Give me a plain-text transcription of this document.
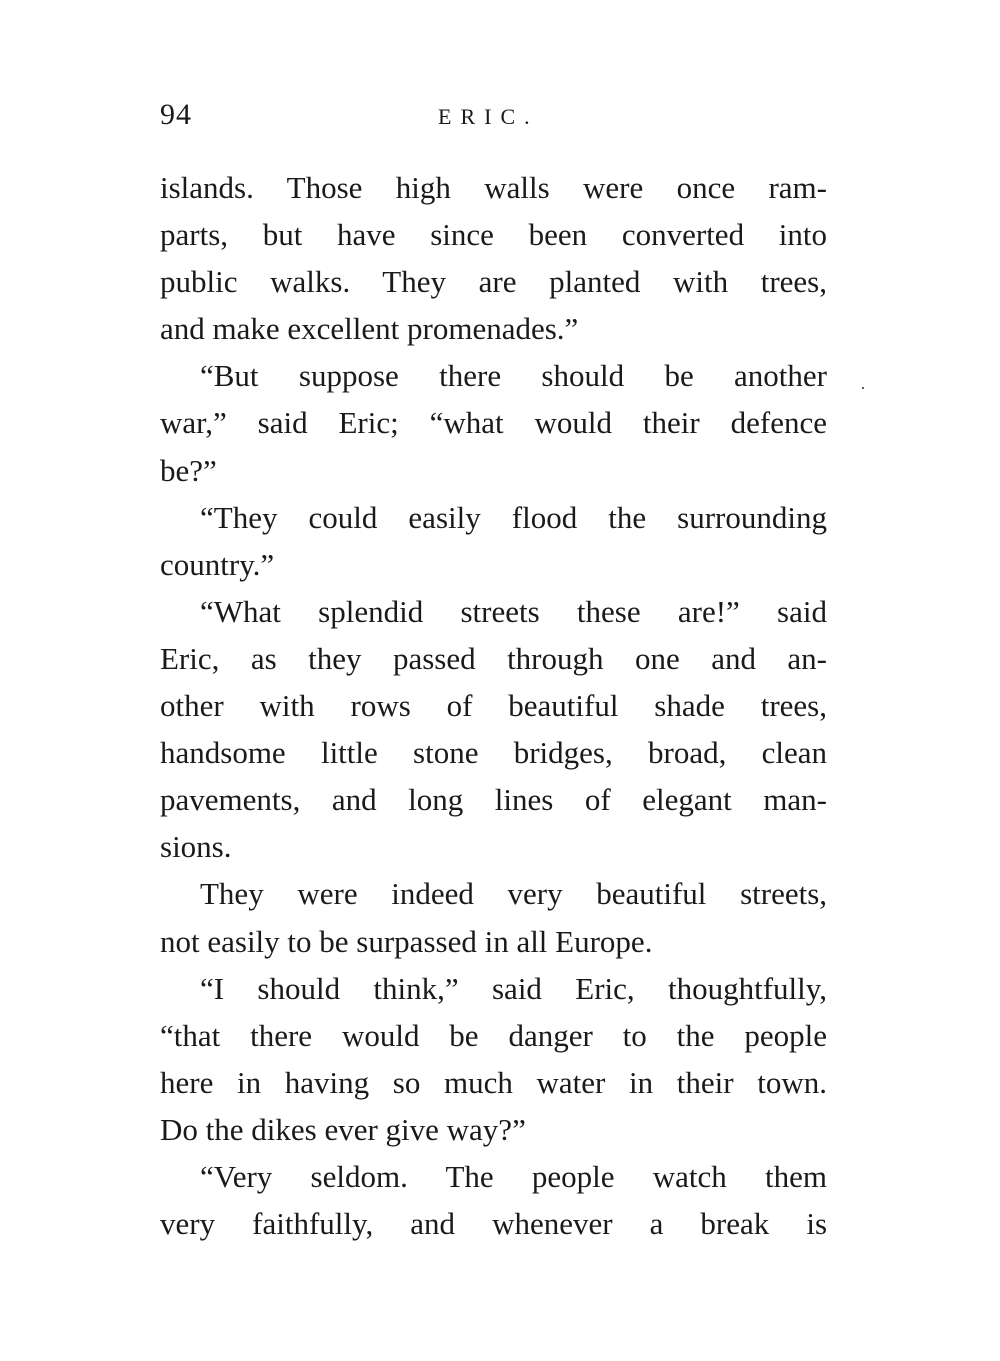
94	ERIC.
·
islands. Those high walls were once ram-
parts, but have since been converted into
public walks. They are planted with trees,
and make excellent promenades.”
“But suppose there should be another
war,” said Eric; “what would their defence
be?”
“They could easily flood the surrounding
country.”
“What splendid streets these are!” said
Eric, as they passed through one and an-
other with rows of beautiful shade trees,
handsome little stone bridges, broad, clean
pavements, and long lines of elegant man-
sions.
They were indeed very beautiful streets,
not easily to be surpassed in all Europe.
“I should think,” said Eric, thoughtfully,
“that there would be danger to the people
here in having so much water in their town.
Do the dikes ever give way?”
“Very seldom. The people watch them
very faithfully, and whenever a break is
